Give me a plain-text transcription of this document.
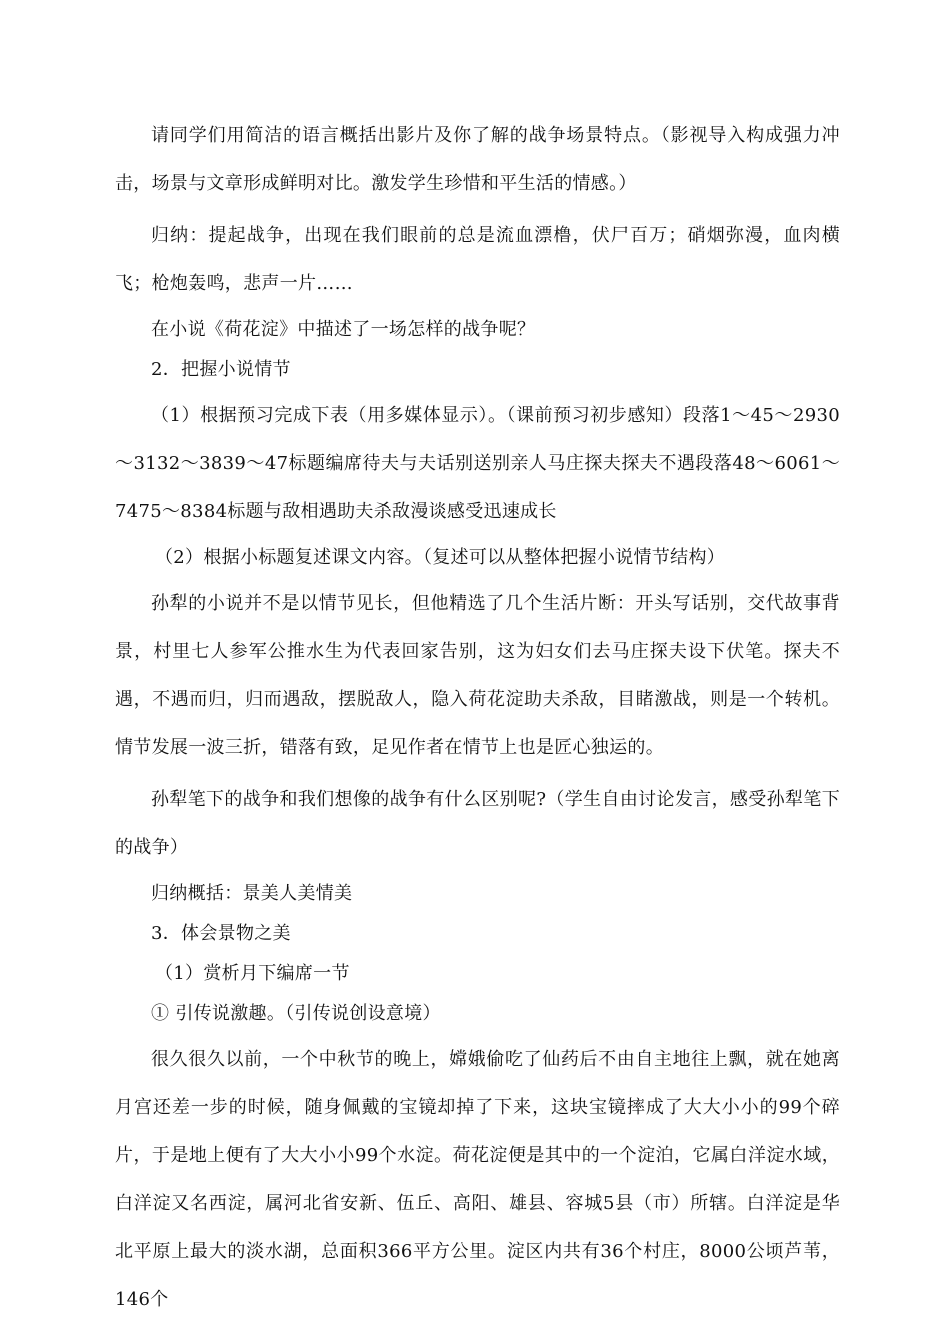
请同学们用简洁的语言概括出影片及你了解的战争场景特点。（影视导入构成强力冲击，场景与文章形成鲜明对比。激发学生珍惜和平生活的情感。）

归纳：提起战争，出现在我们眼前的总是流血漂橹，伏尸百万；硝烟弥漫，血肉横飞；枪炮轰鸣，悲声一片……

在小说《荷花淀》中描述了一场怎样的战争呢？

2．把握小说情节

（1）根据预习完成下表（用多媒体显示）。（课前预习初步感知）段落1～45～2930～3132～3839～47标题编席待夫与夫话别送别亲人马庄探夫探夫不遇段落48～6061～7475～8384标题与敌相遇助夫杀敌漫谈感受迅速成长

（2）根据小标题复述课文内容。（复述可以从整体把握小说情节结构）

孙犁的小说并不是以情节见长，但他精选了几个生活片断：开头写话别，交代故事背景，村里七人参军公推水生为代表回家告别，这为妇女们去马庄探夫设下伏笔。探夫不遇，不遇而归，归而遇敌，摆脱敌人，隐入荷花淀助夫杀敌，目睹激战，则是一个转机。情节发展一波三折，错落有致，足见作者在情节上也是匠心独运的。

孙犁笔下的战争和我们想像的战争有什么区别呢?（学生自由讨论发言，感受孙犁笔下的战争）

归纳概括：景美人美情美

3．体会景物之美

（1）赏析月下编席一节

① 引传说激趣。（引传说创设意境）

很久很久以前，一个中秋节的晚上，嫦娥偷吃了仙药后不由自主地往上飘，就在她离月宫还差一步的时候，随身佩戴的宝镜却掉了下来，这块宝镜摔成了大大小小的99个碎片，于是地上便有了大大小小99个水淀。荷花淀便是其中的一个淀泊，它属白洋淀水域，白洋淀又名西淀，属河北省安新、伍丘、高阳、雄县、容城5县（市）所辖。白洋淀是华北平原上最大的淡水湖，总面积366平方公里。淀区内共有36个村庄，8000公顷芦苇，146个
